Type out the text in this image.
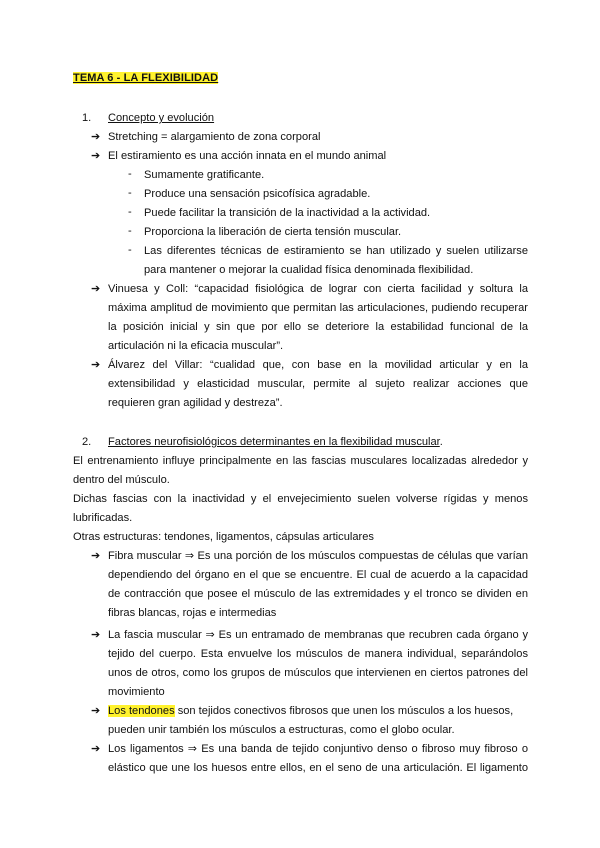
TEMA 6 - LA FLEXIBILIDAD
1. Concepto y evolución
➔ Stretching = alargamiento de zona corporal
➔ El estiramiento es una acción innata en el mundo animal
- Sumamente gratificante.
- Produce una sensación psicofísica agradable.
- Puede facilitar la transición de la inactividad a la actividad.
- Proporciona la liberación de cierta tensión muscular.
- Las diferentes técnicas de estiramiento se han utilizado y suelen utilizarse
para mantener o mejorar la cualidad física denominada flexibilidad.
➔ Vinuesa y Coll: “capacidad fisiológica de lograr con cierta facilidad y soltura la
máxima amplitud de movimiento que permitan las articulaciones, pudiendo recuperar
la posición inicial y sin que por ello se deteriore la estabilidad funcional de la
articulación ni la eficacia muscular”.
➔ Álvarez del Villar: “cualidad que, con base en la movilidad articular y en la
extensibilidad y elasticidad muscular, permite al sujeto realizar acciones que
requieren gran agilidad y destreza”.
2. Factores neurofisiológicos determinantes en la flexibilidad muscular.
El entrenamiento influye principalmente en las fascias musculares localizadas alrededor y
dentro del músculo.
Dichas fascias con la inactividad y el envejecimiento suelen volverse rígidas y menos
lubrificadas.
Otras estructuras: tendones, ligamentos, cápsulas articulares
➔ Fibra muscular ⇒ Es una porción de los músculos compuestas de células que varían
dependiendo del órgano en el que se encuentre. El cual de acuerdo a la capacidad
de contracción que posee el músculo de las extremidades y el tronco se dividen en
fibras blancas, rojas e intermedias
➔ La fascia muscular ⇒ Es un entramado de membranas que recubren cada órgano y
tejido del cuerpo. Esta envuelve los músculos de manera individual, separándolos
unos de otros, como los grupos de músculos que intervienen en ciertos patrones del
movimiento
➔ Los tendones son tejidos conectivos fibrosos que unen los músculos a los huesos,
pueden unir también los músculos a estructuras, como el globo ocular.
➔ Los ligamentos ⇒ Es una banda de tejido conjuntivo denso o fibroso muy fibroso o
elástico que une los huesos entre ellos, en el seno de una articulación. El ligamento
